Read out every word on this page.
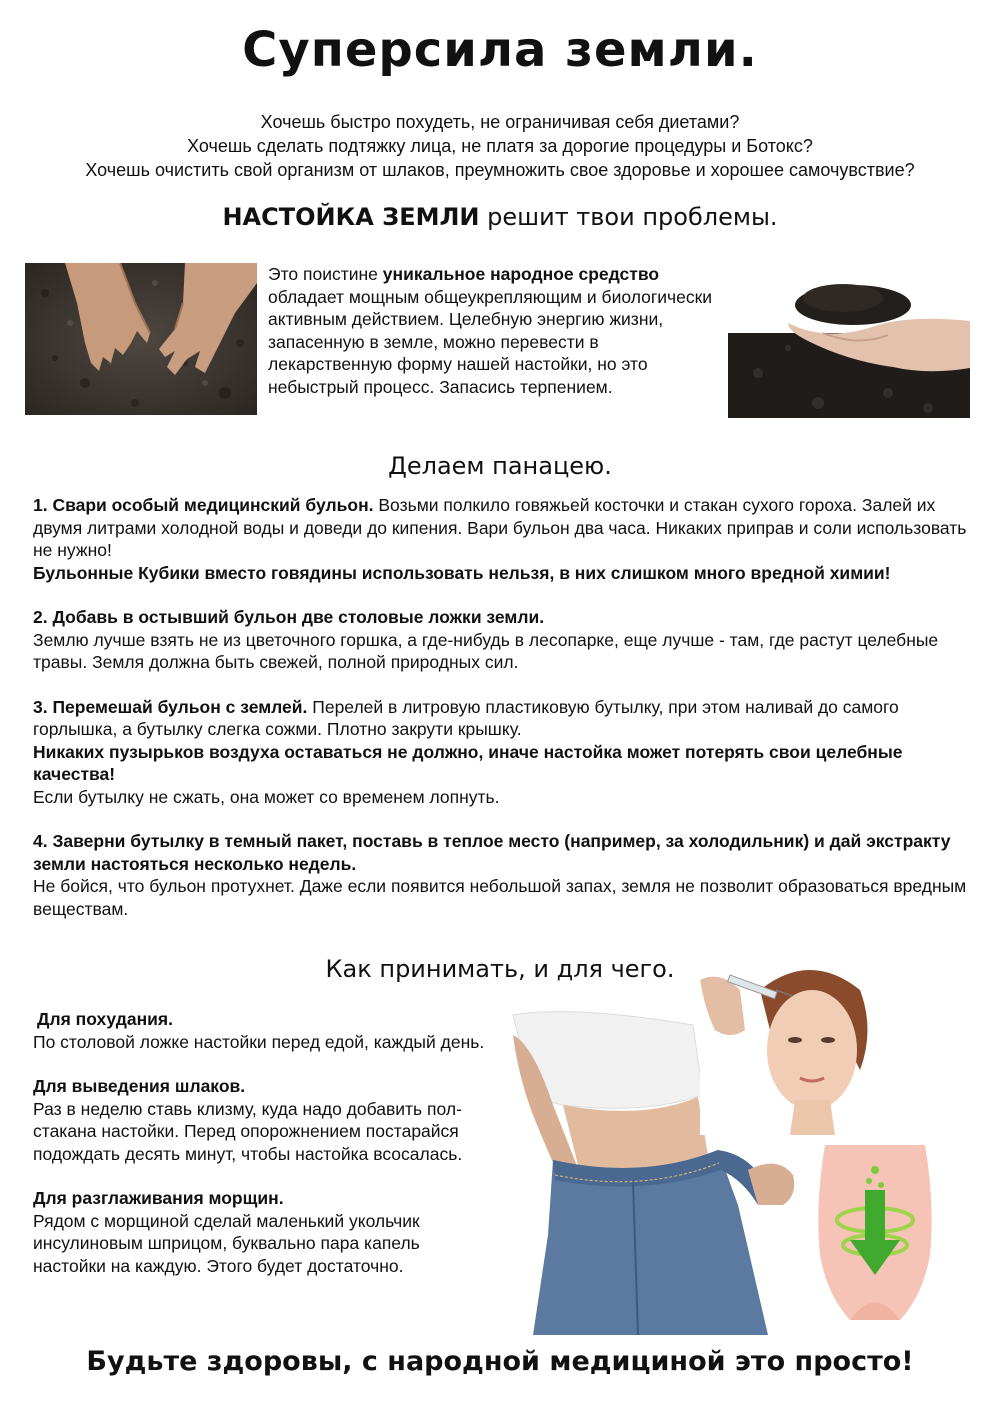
Суперсила земли.
Хочешь быстро похудеть, не ограничивая себя диетами?
Хочешь сделать подтяжку лица, не платя за дорогие процедуры и Ботокс?
Хочешь очистить свой организм от шлаков, преумножить свое здоровье и хорошее самочувствие?
НАСТОЙКА ЗЕМЛИ решит твои проблемы.
Это поистине уникальное народное средство обладает мощным общеукрепляющим и биологически активным действием. Целебную энергию жизни, запасенную в земле, можно перевести в лекарственную форму нашей настойки, но это небыстрый процесс. Запасись терпением.
Делаем панацею.

1. Свари особый медицинский бульон. Возьми полкило говяжьей косточки и стакан сухого гороха. Залей их двумя литрами холодной воды и доведи до кипения. Вари бульон два часа. Никаких приправ и соли использовать не нужно!
Бульонные Кубики вместо говядины использовать нельзя, в них слишком много вредной химии!

2. Добавь в остывший бульон две столовые ложки земли.
Землю лучше взять не из цветочного горшка, а где-нибудь в лесопарке, еще лучше - там, где растут целебные травы. Земля должна быть свежей, полной природных сил.

3. Перемешай бульон с землей. Перелей в литровую пластиковую бутылку, при этом наливай до самого горлышка, а бутылку слегка сожми. Плотно закрути крышку.
Никаких пузырьков воздуха оставаться не должно, иначе настойка может потерять свои целебные качества!
Если бутылку не сжать, она может со временем лопнуть.

4. Заверни бутылку в темный пакет, поставь в теплое место (например, за холодильник) и дай экстракту земли настояться несколько недель.
Не бойся, что бульон протухнет. Даже если появится небольшой запах, земля не позволит образоваться вредным веществам.

Как принимать, и для чего.

Для похудания.
По столовой ложке настойки перед едой, каждый день.

Для выведения шлаков.
Раз в неделю ставь клизму, куда надо добавить пол-стакана настойки. Перед опорожнением постарайся подождать десять минут, чтобы настойка всосалась.

Для разглаживания морщин.
Рядом с морщиной сделай маленький укольчик инсулиновым шприцом, буквально пара капель настойки на каждую. Этого будет достаточно.

Будьте здоровы, с народной медициной это просто!
